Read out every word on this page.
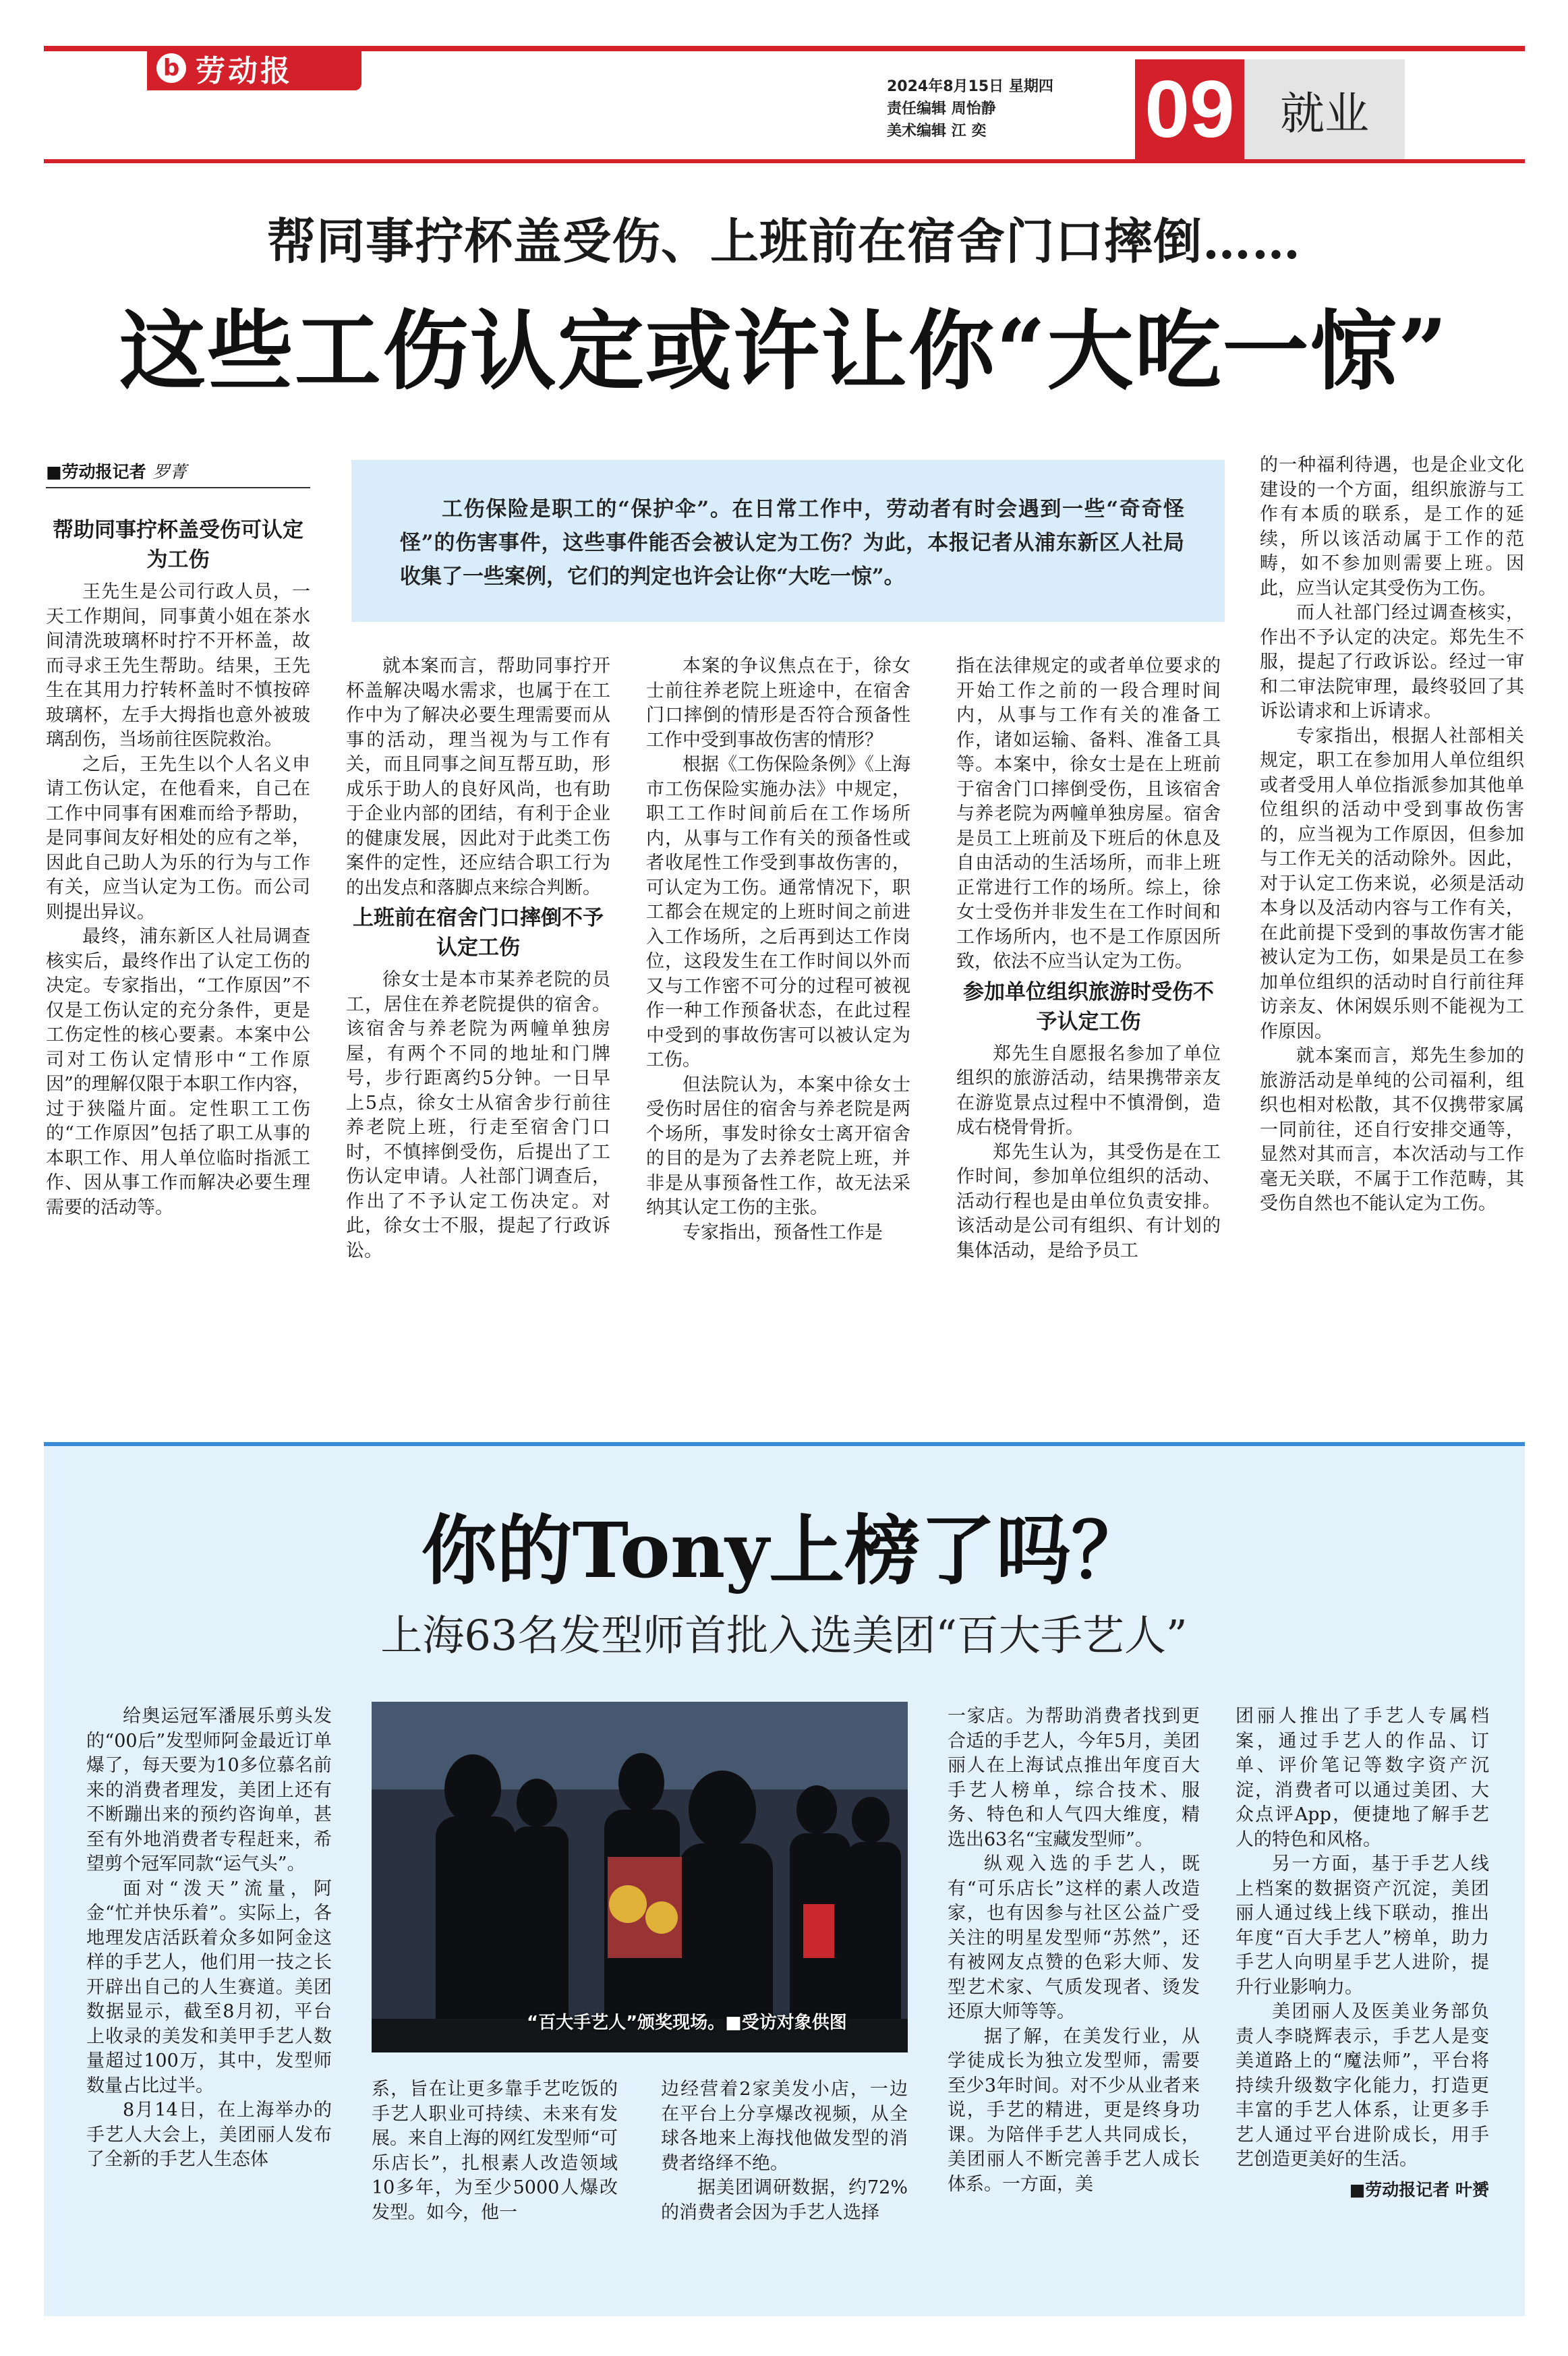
b 劳动报	2024年8月15日 星期四
责任编辑 周怡静
美术编辑 江 奕	09	就业
帮同事拧杯盖受伤、上班前在宿舍门口摔倒……
这些工伤认定或许让你“大吃一惊”
■劳动报记者 罗菁
工伤保险是职工的“保护伞”。在日常工作中，劳动者有时会遇到一些“奇奇怪怪”的伤害事件，这些事件能否会被认定为工伤？为此，本报记者从浦东新区人社局收集了一些案例，它们的判定也许会让你“大吃一惊”。
帮助同事拧杯盖受伤可认定为工伤

王先生是公司行政人员，一天工作期间，同事黄小姐在茶水间清洗玻璃杯时拧不开杯盖，故而寻求王先生帮助。结果，王先生在其用力拧转杯盖时不慎按碎玻璃杯，左手大拇指也意外被玻璃刮伤，当场前往医院救治。

之后，王先生以个人名义申请工伤认定，在他看来，自己在工作中同事有困难而给予帮助，是同事间友好相处的应有之举，因此自己助人为乐的行为与工作有关，应当认定为工伤。而公司则提出异议。

最终，浦东新区人社局调查核实后，最终作出了认定工伤的决定。专家指出，“工作原因”不仅是工伤认定的充分条件，更是工伤定性的核心要素。本案中公司对工伤认定情形中“工作原因”的理解仅限于本职工作内容，过于狭隘片面。定性职工工伤的“工作原因”包括了职工从事的本职工作、用人单位临时指派工作、因从事工作而解决必要生理需要的活动等。

就本案而言，帮助同事拧开杯盖解决喝水需求，也属于在工作中为了解决必要生理需要而从事的活动，理当视为与工作有关，而且同事之间互帮互助，形成乐于助人的良好风尚，也有助于企业内部的团结，有利于企业的健康发展，因此对于此类工伤案件的定性，还应结合职工行为的出发点和落脚点来综合判断。

上班前在宿舍门口摔倒不予认定工伤

徐女士是本市某养老院的员工，居住在养老院提供的宿舍。该宿舍与养老院为两幢单独房屋，有两个不同的地址和门牌号，步行距离约5分钟。一日早上5点，徐女士从宿舍步行前往养老院上班，行走至宿舍门口时，不慎摔倒受伤，后提出了工伤认定申请。人社部门调查后，作出了不予认定工伤决定。对此，徐女士不服，提起了行政诉讼。

本案的争议焦点在于，徐女士前往养老院上班途中，在宿舍门口摔倒的情形是否符合预备性工作中受到事故伤害的情形？

根据《工伤保险条例》《上海市工伤保险实施办法》中规定，职工工作时间前后在工作场所内，从事与工作有关的预备性或者收尾性工作受到事故伤害的，可认定为工伤。通常情况下，职工都会在规定的上班时间之前进入工作场所，之后再到达工作岗位，这段发生在工作时间以外而又与工作密不可分的过程可被视作一种工作预备状态，在此过程中受到的事故伤害可以被认定为工伤。

但法院认为，本案中徐女士受伤时居住的宿舍与养老院是两个场所，事发时徐女士离开宿舍的目的是为了去养老院上班，并非是从事预备性工作，故无法采纳其认定工伤的主张。

专家指出，预备性工作是

指在法律规定的或者单位要求的开始工作之前的一段合理时间内，从事与工作有关的准备工作，诸如运输、备料、准备工具等。本案中，徐女士是在上班前于宿舍门口摔倒受伤，且该宿舍与养老院为两幢单独房屋。宿舍是员工上班前及下班后的休息及自由活动的生活场所，而非上班正常进行工作的场所。综上，徐女士受伤并非发生在工作时间和工作场所内，也不是工作原因所致，依法不应当认定为工伤。

参加单位组织旅游时受伤不予认定工伤

郑先生自愿报名参加了单位组织的旅游活动，结果携带亲友在游览景点过程中不慎滑倒，造成右桡骨骨折。

郑先生认为，其受伤是在工作时间，参加单位组织的活动、活动行程也是由单位负责安排。该活动是公司有组织、有计划的集体活动，是给予员工

的一种福利待遇，也是企业文化建设的一个方面，组织旅游与工作有本质的联系，是工作的延续，所以该活动属于工作的范畴，如不参加则需要上班。因此，应当认定其受伤为工伤。

而人社部门经过调查核实，作出不予认定的决定。郑先生不服，提起了行政诉讼。经过一审和二审法院审理，最终驳回了其诉讼请求和上诉请求。

专家指出，根据人社部相关规定，职工在参加用人单位组织或者受用人单位指派参加其他单位组织的活动中受到事故伤害的，应当视为工作原因，但参加与工作无关的活动除外。因此，对于认定工伤来说，必须是活动本身以及活动内容与工作有关，在此前提下受到的事故伤害才能被认定为工伤，如果是员工在参加单位组织的活动时自行前往拜访亲友、休闲娱乐则不能视为工作原因。

就本案而言，郑先生参加的旅游活动是单纯的公司福利，组织也相对松散，其不仅携带家属一同前往，还自行安排交通等，显然对其而言，本次活动与工作毫无关联，不属于工作范畴，其受伤自然也不能认定为工伤。

你的Tony上榜了吗？
上海63名发型师首批入选美团“百大手艺人”
“百大手艺人”颁奖现场。■受访对象供图

给奥运冠军潘展乐剪头发的“00后”发型师阿金最近订单爆了，每天要为10多位慕名前来的消费者理发，美团上还有不断蹦出来的预约咨询单，甚至有外地消费者专程赶来，希望剪个冠军同款“运气头”。

面对“泼天”流量，阿金“忙并快乐着”。实际上，各地理发店活跃着众多如阿金这样的手艺人，他们用一技之长开辟出自己的人生赛道。美团数据显示，截至8月初，平台上收录的美发和美甲手艺人数量超过100万，其中，发型师数量占比过半。

8月14日，在上海举办的手艺人大会上，美团丽人发布了全新的手艺人生态体

系，旨在让更多靠手艺吃饭的手艺人职业可持续、未来有发展。来自上海的网红发型师“可乐店长”，扎根素人改造领域10多年，为至少5000人爆改发型。如今，他一

边经营着2家美发小店，一边在平台上分享爆改视频，从全球各地来上海找他做发型的消费者络绎不绝。

据美团调研数据，约72%的消费者会因为手艺人选择

一家店。为帮助消费者找到更合适的手艺人，今年5月，美团丽人在上海试点推出年度百大手艺人榜单，综合技术、服务、特色和人气四大维度，精选出63名“宝藏发型师”。

纵观入选的手艺人，既有“可乐店长”这样的素人改造家，也有因参与社区公益广受关注的明星发型师“苏然”，还有被网友点赞的色彩大师、发型艺术家、气质发现者、烫发还原大师等等。

据了解，在美发行业，从学徒成长为独立发型师，需要至少3年时间。对不少从业者来说，手艺的精进，更是终身功课。为陪伴手艺人共同成长，美团丽人不断完善手艺人成长体系。一方面，美

团丽人推出了手艺人专属档案，通过手艺人的作品、订单、评价笔记等数字资产沉淀，消费者可以通过美团、大众点评App，便捷地了解手艺人的特色和风格。

另一方面，基于手艺人线上档案的数据资产沉淀，美团丽人通过线上线下联动，推出年度“百大手艺人”榜单，助力手艺人向明星手艺人进阶，提升行业影响力。

美团丽人及医美业务部负责人李晓辉表示，手艺人是变美道路上的“魔法师”，平台将持续升级数字化能力，打造更丰富的手艺人体系，让更多手艺人通过平台进阶成长，用手艺创造更美好的生活。

■劳动报记者 叶赟
